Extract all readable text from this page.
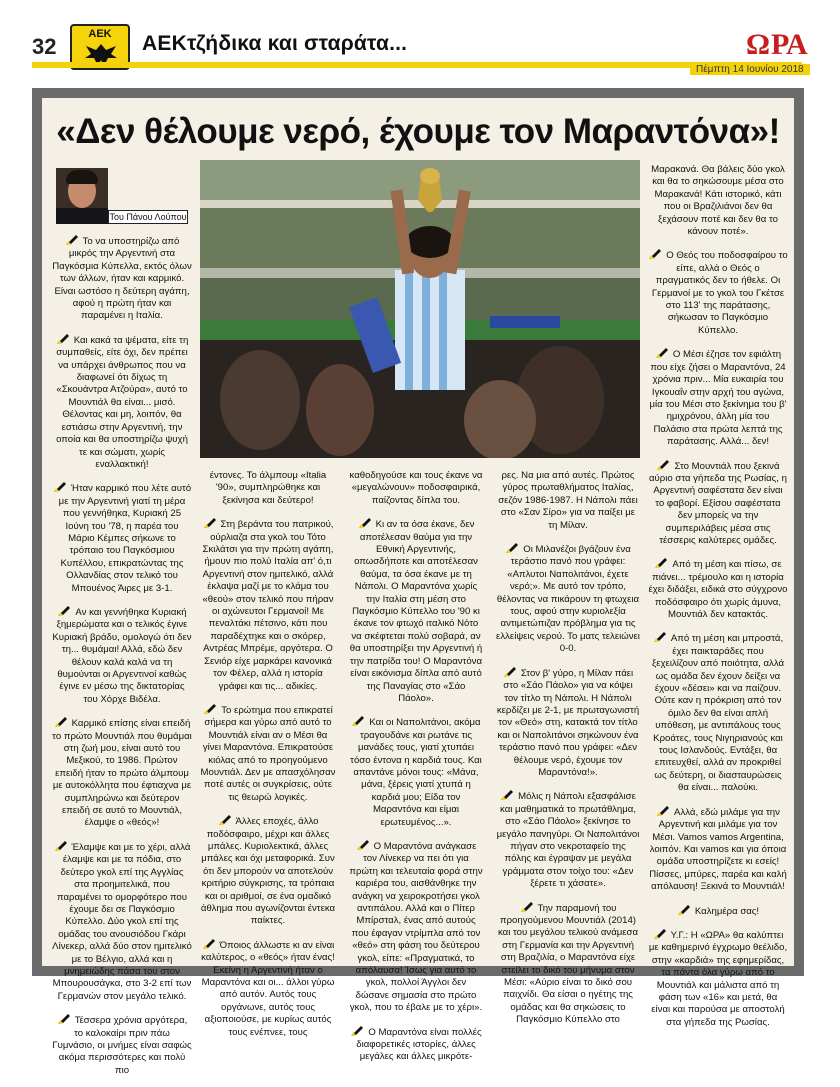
32	ΑΕΚ	ΑΕΚτζήδικα και σταράτα...	ΩΡΑ
Πέμπτη 14 Ιουνίου 2018
«Δεν θέλουμε νερό, έχουμε τον Μαραντόνα»!
Του Πάνου Λούπου

Το να υποστηρίζω από μικρός την Αργεντινή στα Παγκόσμια Κύπελλα, εκτός όλων των άλλων, ήταν και καρμικό. Είναι ωστόσο η δεύτερη αγάπη, αφού η πρώτη ήταν και παραμένει η Ιταλία.

Και κακά τα ψέματα, είτε τη συμπαθείς, είτε όχι, δεν πρέπει να υπάρχει άνθρωπος που να διαφωνεί ότι δίχως τη «Σκουάντρα Ατζούρα», αυτό το Μουντιάλ θα είναι... μισό. Θέλοντας και μη, λοιπόν, θα εστιάσω στην Αργεντινή, την οποία και θα υποστηρίζω ψυχή τε και σώματι, χωρίς εναλλακτική!

Ήταν καρμικό που λέτε αυτό με την Αργεντινή γιατί τη μέρα που γεννήθηκα, Κυριακή 25 Ιούνη του '78, η παρέα του Μάριο Κέμπες σήκωνε το τρόπαιο του Παγκόσμιου Κυπέλλου, επικρατώντας της Ολλανδίας στον τελικό του Μπουένος Άιρες με 3-1.

Αν και γεννήθηκα Κυριακή ξημερώματα και ο τελικός έγινε Κυριακή βράδυ, ομολογώ ότι δεν τη... θυμάμαι! Αλλά, εδώ δεν θέλουν καλά καλά να τη θυμούνται οι Αργεντινοί καθώς έγινε εν μέσω της δικτατορίας του Χόρχε Βιδέλα.

Καρμικό επίσης είναι επειδή το πρώτο Μουντιάλ που θυμάμαι στη ζωή μου, είναι αυτό του Μεξικού, το 1986. Πρώτον επειδή ήταν το πρώτο άλμπουμ με αυτοκόλλητα που έφτιαχνα με συμπληρώνω και δεύτερον επειδή σε αυτό το Μουντιάλ, έλαμψε ο «θεός»!

Έλαμψε και με το χέρι, αλλά έλαμψε και με τα πόδια, στο δεύτερο γκολ επί της Αγγλίας στα προημιτελικά, που παραμένει το ομορφότερο που έχουμε δει σε Παγκόσμιο Κύπελλο. Δύο γκολ επί της ομάδας του ανουσιόδου Γκάρι Λίνεκερ, αλλά δύο στον ημιτελικό με το Βέλγιο, αλλά και η μνημειώδης πάσα του στον Μπουρουσάγκα, στο 3-2 επί των Γερμανών στον μεγάλο τελικό.

Τέσσερα χρόνια αργότερα, το καλοκαίρι πριν πάω Γυμνάσιο, οι μνήμες είναι σαφώς ακόμα περισσότερες και πολύ πιο

έντονες. Το άλμπουμ «Italia '90», συμπληρώθηκε και ξεκίνησα και δεύτερο!

Στη βεράντα του πατρικού, ούρλιαζα στα γκολ του Τότο Σκιλάτσι για την πρώτη αγάπη, ήμουν πιο πολύ Ιταλία απ' ό,τι Αργεντινή στον ημιτελικό, αλλά έκλαψα μαζί με το κλάμα του «θεού» στον τελικό που πήραν οι αχώνευτοι Γερμανοί! Με πεναλτάκι πέτσινο, κάτι που παραδέχτηκε και ο σκόρερ, Αντρέας Μπρέμε, αργότερα. Ο Σενιόρ είχε μαρκάρει κανονικά τον Φέλερ, αλλά η ιστορία γράφει και τις... αδικίες.

Το ερώτημα που επικρατεί σήμερα και γύρω από αυτό το Μουντιάλ είναι αν ο Μέσι θα γίνει Μαραντόνα. Επικρατούσε κιόλας από το προηγούμενο Μουντιάλ. Δεν με απασχόλησαν ποτέ αυτές οι συγκρίσεις, ούτε τις θεωρώ λογικές.

Άλλες εποχές, άλλο ποδόσφαιρο, μέχρι και άλλες μπάλες. Κυριολεκτικά, άλλες μπάλες και όχι μεταφορικά. Συν ότι δεν μπορούν να αποτελούν κριτήριο σύγκρισης, τα τρόπαια και οι αριθμοί, σε ένα ομαδικό άθλημα που αγωνίζονται έντεκα παίκτες.

Όποιος άλλωστε κι αν είναι καλύτερος, ο «θεός» ήταν ένας! Εκείνη η Αργεντινή ήταν ο Μαραντόνα και οι... άλλοι γύρω από αυτόν. Αυτός τους οργάνωνε, αυτός τους αξιοποιούσε, με κυρίως αυτός τους ενέπνεε, τους

καθοδηγούσε και τους έκανε να «μεγαλώνουν» ποδοσφαιρικά, παίζοντας δίπλα του.

Κι αν τα όσα έκανε, δεν αποτέλεσαν θαύμα για την Εθνική Αργεντινής, οπωσδήποτε και αποτέλεσαν θαύμα, τα όσα έκανε με τη Νάπολι. Ο Μαραντόνα χωρίς την Ιταλία στη μέση στο Παγκόσμιο Κύπελλο του '90 κι έκανε τον φτωχό ιταλικό Νότο να σκέφτεται πολύ σοβαρά, αν θα υποστηρίξει την Αργεντινή ή την πατρίδα του! Ο Μαραντόνα είναι εικόνισμα δίπλα από αυτό της Παναγίας στο «Σάο Πάολο».

Και οι Ναπολιτάνοι, ακόμα τραγουδάνε και ρωτάνε τις μανάδες τους, γιατί χτυπάει τόσο έντονα η καρδιά τους. Και απαντάνε μόνοι τους: «Μάνα, μάνα, ξέρεις γιατί χτυπά η καρδιά μου; Είδα τον Μαραντόνα και είμαι ερωτευμένος...».

Ο Μαραντόνα ανάγκασε τον Λίνεκερ να πει ότι για πρώτη και τελευταία φορά στην καριέρα του, αισθάνθηκε την ανάγκη να χειροκροτήσει γκολ αντιπάλου. Αλλά και ο Πίτερ Μπίρσταλ, ένας από αυτούς που έφαγαν ντρίμπλα από τον «θεό» στη φάση του δεύτερου γκολ, είπε: «Πραγματικά, το απόλαυσα! Ίσως για αυτό το γκολ, πολλοί Άγγλοι δεν δώσανε σημασία στο πρώτο γκολ, που το έβαλε με το χέρι».

Ο Μαραντόνα είναι πολλές διαφορετικές ιστορίες, άλλες μεγάλες και άλλες μικρότε-

ρες. Να μια από αυτές. Πρώτος γύρος πρωταθλήματος Ιταλίας, σεζόν 1986-1987. Η Νάπολι πάει στο «Σαν Σίρο» για να παίξει με τη Μίλαν.

Οι Μιλανέζοι βγάζουν ένα τεράστιο πανό που γράφει: «Απλυτοι Ναπολιτάνοι, έχετε νερό;». Με αυτό τον τρόπο, θέλοντας να πικάρουν τη φτωχεια τους, αφού στην κυριολεξία αντιμετώπιζαν πρόβλημα για τις ελλείψεις νερού. Το ματς τελειώνει 0-0.

Στον β' γύρο, η Μίλαν πάει στο «Σάο Πάολο» για να κόψει τον τίτλο τη Νάπολι. Η Νάπολι κερδίζει με 2-1, με πρωταγωνιστή τον «Θεό» στη, κατακτά τον τίτλο και οι Ναπολιτάνοι σηκώνουν ένα τεράστιο πανό που γράφει: «Δεν θέλουμε νερό, έχουμε τον Μαραντόνα!».

Μόλις η Νάπολι εξασφάλισε και μαθηματικά το πρωτάθλημα, στο «Σάο Πάολο» ξεκίνησε το μεγάλο πανηγύρι. Οι Ναπολιτάνοι πήγαν στο νεκροταφείο της πόλης και έγραψαν με μεγάλα γράμματα στον τοίχο του: «Δεν ξέρετε τι χάσατε».

Την παραμονή του προηγούμενου Μουντιάλ (2014) και του μεγάλου τελικού ανάμεσα στη Γερμανία και την Αργεντινή στη Βραζιλία, ο Μαραντόνα είχε στείλει το δικό του μήνυμα στον Μέσι: «Αύριο είναι το δικό σου παιχνίδι. Θα είσαι ο ηγέτης της ομάδας και θα σηκώσεις το Παγκόσμιο Κύπελλο στο

Μαρακανά. Θα βάλεις δύο γκολ και θα το σηκώσουμε μέσα στο Μαρακανά! Κάτι ιστορικό, κάτι που οι Βραζιλιάνοι δεν θα ξεχάσουν ποτέ και δεν θα το κάνουν ποτέ».

Ο Θεός του ποδοσφαίρου το είπε, αλλά ο Θεός ο πραγματικός δεν το ήθελε. Οι Γερμανοί με το γκολ του Γκέτσε στο 113' της παράτασης, σήκωσαν το Παγκόσμιο Κύπελλο.

Ο Μέσι έζησε τον εφιάλτη που είχε ζήσει ο Μαραντόνα, 24 χρόνια πριν... Μία ευκαιρία του Ιγκουαΐν στην αρχή του αγώνα, μία του Μέσι στο ξεκίνημα του β' ημιχρόνου, άλλη μία του Παλάσιο στα πρώτα λεπτά της παράτασης. Αλλά... δεν!

Στο Μουντιάλ που ξεκινά αύριο στα γήπεδα της Ρωσίας, η Αργεντινή σαφέστατα δεν είναι το φαβορί. Εξίσου σαφέστατα δεν μπορείς να την συμπεριλάβεις μέσα στις τέσσερις καλύτερες ομάδες.

Από τη μέση και πίσω, σε πιάνει... τρέμουλο και η ιστορία έχει διδάξει, ειδικά στο σύγχρονο ποδόσφαιρο ότι χωρίς άμυνα, Μουντιάλ δεν κατακτάς.

Από τη μέση και μπροστά, έχει παικταράδες που ξεχειλίζουν από ποιότητα, αλλά ως ομάδα δεν έχουν δείξει να έχουν «δέσει» και να παίζουν. Ούτε καν η πρόκριση από τον όμιλο δεν θα είναι απλή υπόθεση, με αντιπάλους τους Κροάτες, τους Νιγηριανούς και τους Ισλανδούς. Εντάξει, θα επιτευχθεί, αλλά αν προκριθεί ως δεύτερη, οι διασταυρώσεις θα είναι... παλούκι.

Αλλά, εδώ μιλάμε για την Αργεντινή και μιλάμε για τον Μέσι. Vamos vamos Argentina, λοιπόν. Και vamos και για όποια ομάδα υποστηρίζετε κι εσείς! Πίσσες, μπύρες, παρέα και καλή απόλαυση! Ξεκινά το Μουντιάλ!

Καλημέρα σας!

Υ.Γ.: Η «ΩΡΑ» θα καλύπτει με καθημερινό έγχρωμο θεέλιδο, στην «καρδιά» της εφημερίδας, τα πάντα όλα γύρω από το Μουντιάλ και μάλιστα από τη φάση των «16» και μετά, θα είναι και παρούσα με αποστολή στα γήπεδα της Ρωσίας.
